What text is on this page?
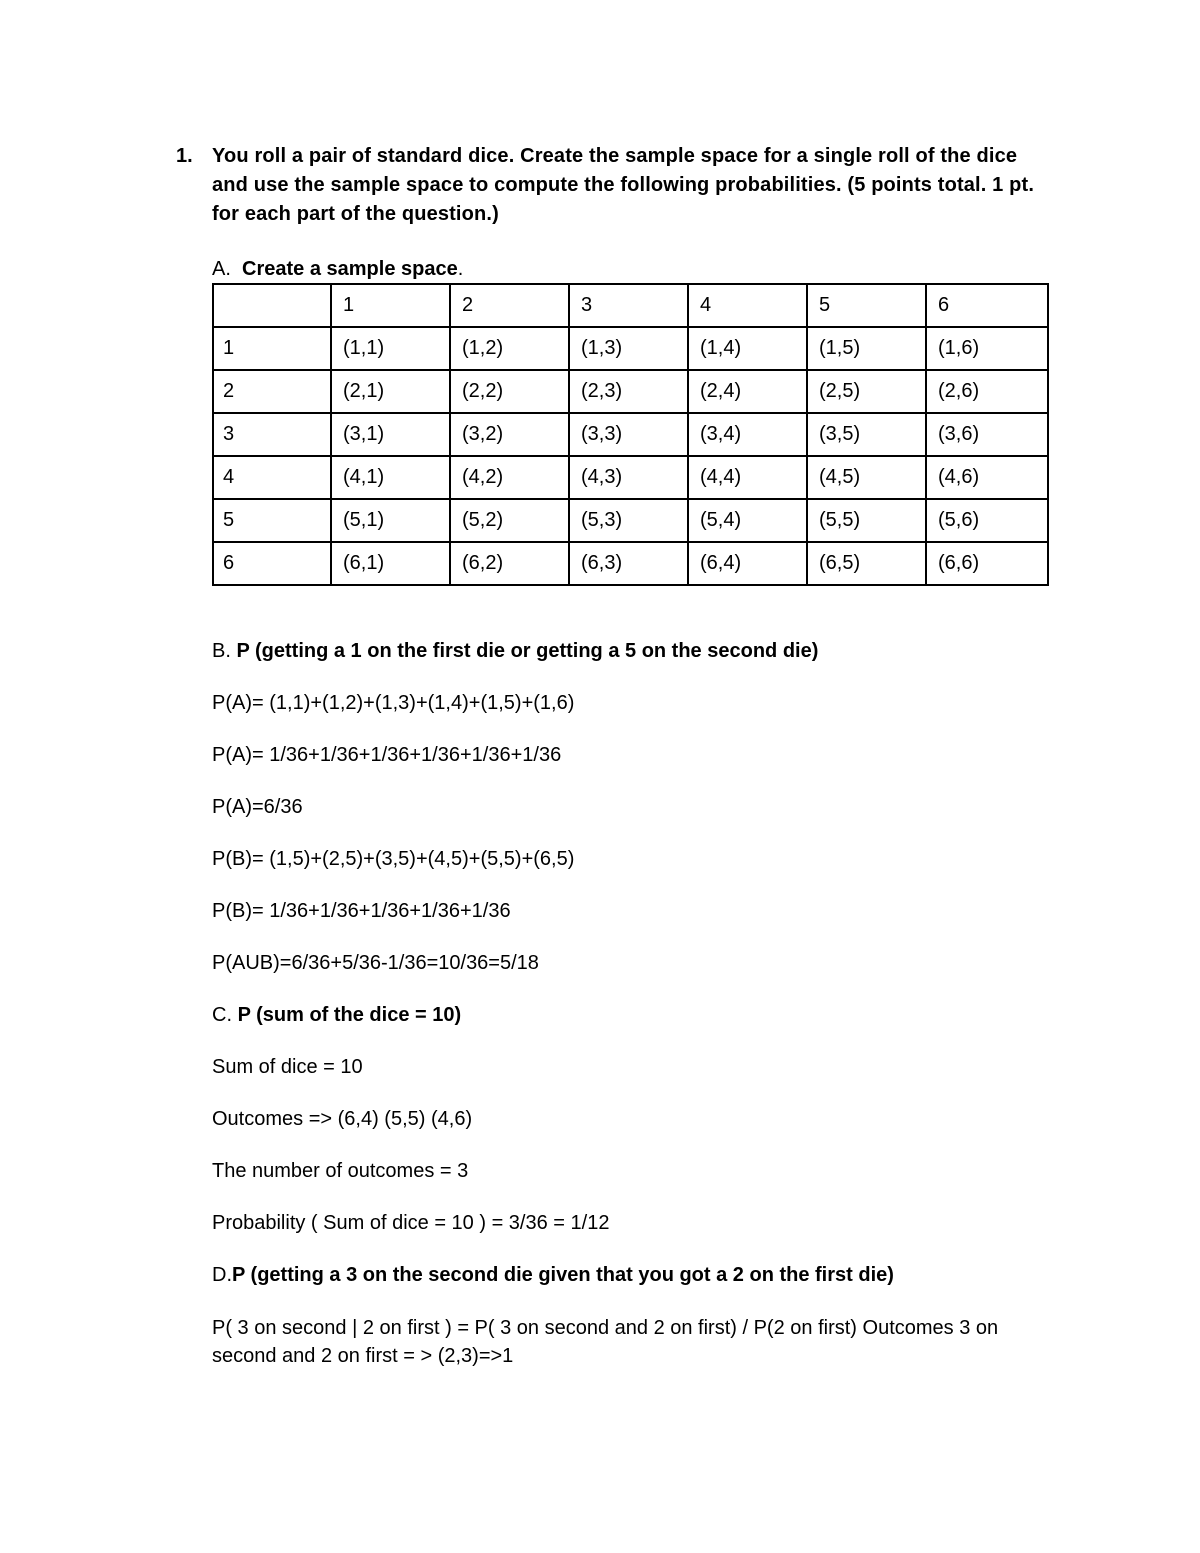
1. You roll a pair of standard dice. Create the sample space for a single roll of the dice and use the sample space to compute the following probabilities. (5 points total. 1 pt. for each part of the question.)
A. Create a sample space.
	1	2	3	4	5	6
1	(1,1)	(1,2)	(1,3)	(1,4)	(1,5)	(1,6)
2	(2,1)	(2,2)	(2,3)	(2,4)	(2,5)	(2,6)
3	(3,1)	(3,2)	(3,3)	(3,4)	(3,5)	(3,6)
4	(4,1)	(4,2)	(4,3)	(4,4)	(4,5)	(4,6)
5	(5,1)	(5,2)	(5,3)	(5,4)	(5,5)	(5,6)
6	(6,1)	(6,2)	(6,3)	(6,4)	(6,5)	(6,6)
B. P (getting a 1 on the first die or getting a 5 on the second die)
P(A)= (1,1)+(1,2)+(1,3)+(1,4)+(1,5)+(1,6)
P(A)= 1/36+1/36+1/36+1/36+1/36+1/36
P(A)=6/36
P(B)= (1,5)+(2,5)+(3,5)+(4,5)+(5,5)+(6,5)
P(B)= 1/36+1/36+1/36+1/36+1/36
P(AUB)=6/36+5/36-1/36=10/36=5/18
C. P (sum of the dice = 10)
Sum of dice = 10
Outcomes => (6,4) (5,5) (4,6)
The number of outcomes = 3
Probability ( Sum of dice = 10 ) = 3/36 = 1/12
D.P (getting a 3 on the second die given that you got a 2 on the first die)
P( 3 on second | 2 on first ) = P( 3 on second and 2 on first) / P(2 on first) Outcomes 3 on second and 2 on first = > (2,3)=>1
